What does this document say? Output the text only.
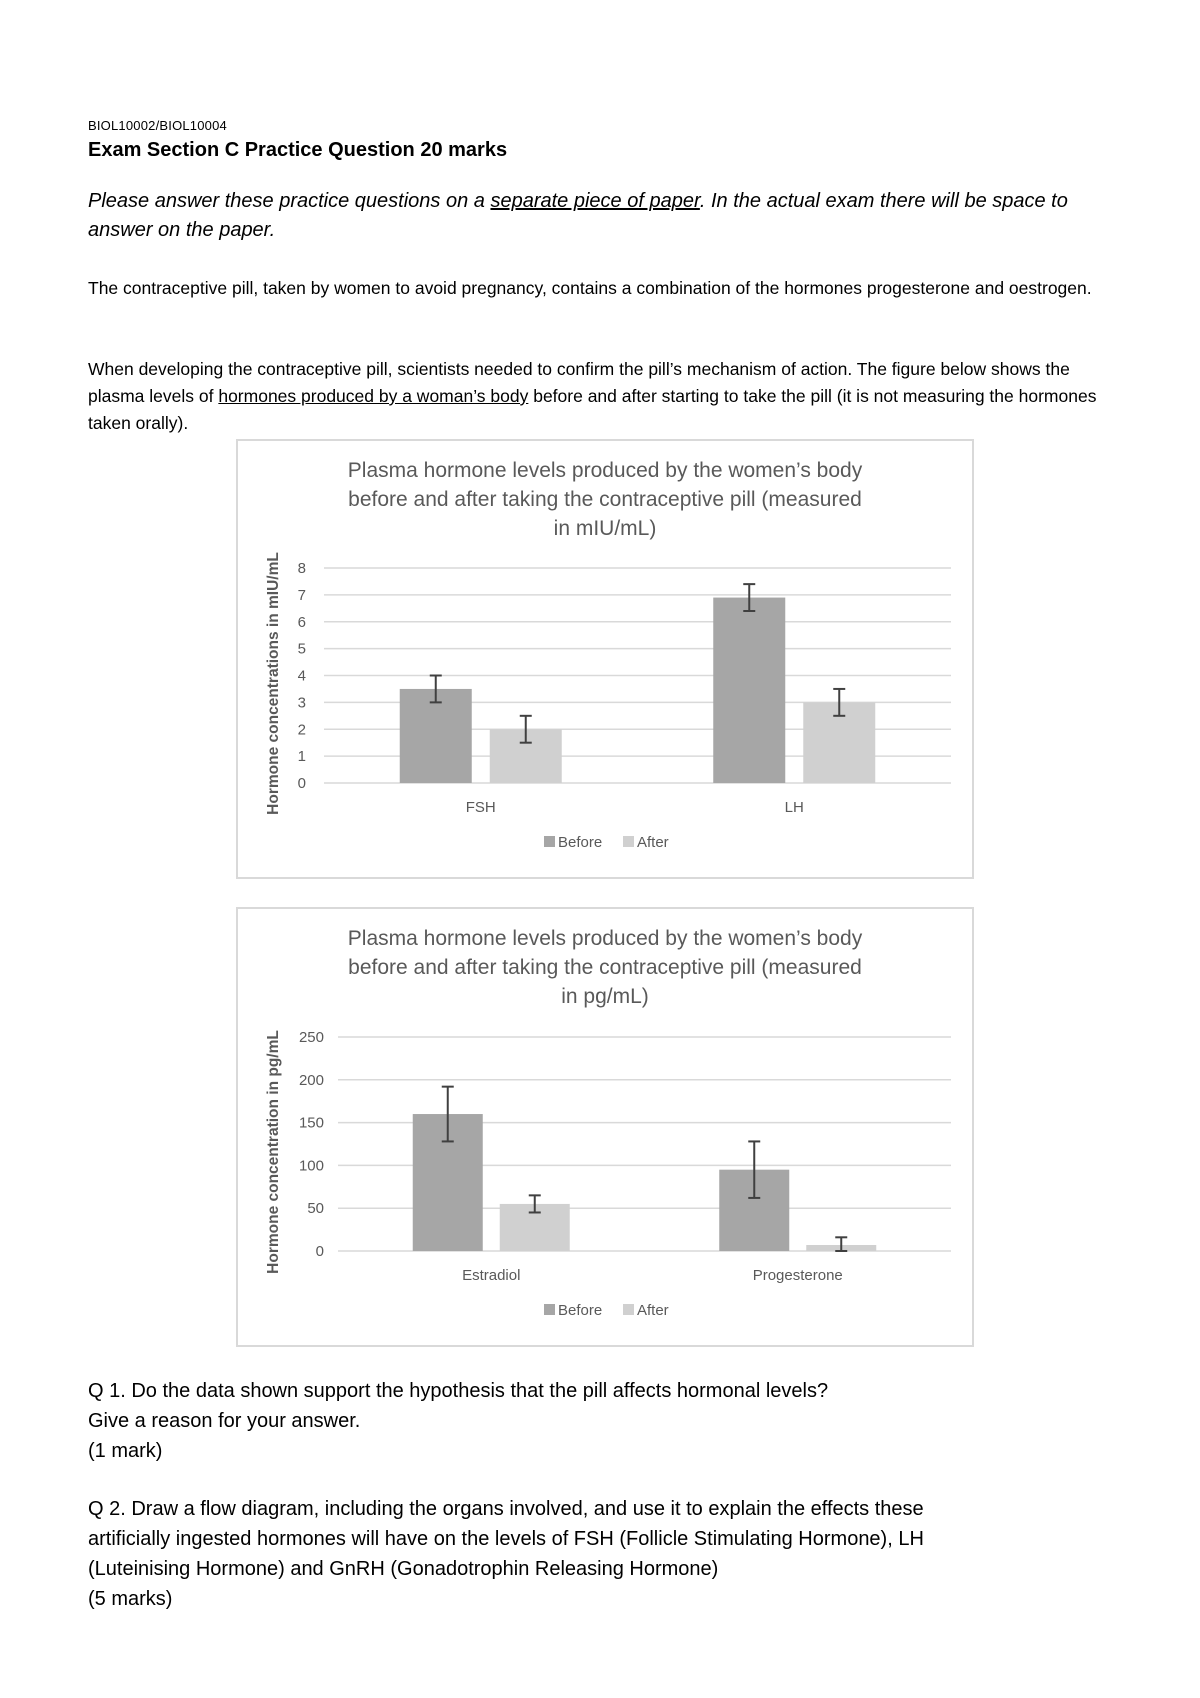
BIOL10002/BIOL10004
Exam Section C Practice Question 20 marks
Please answer these practice questions on a separate piece of paper. In the actual exam there will be space to answer on the paper.
The contraceptive pill, taken by women to avoid pregnancy, contains a combination of the hormones progesterone and oestrogen.
When developing the contraceptive pill, scientists needed to confirm the pill’s mechanism of action. The figure below shows the plasma levels of hormones produced by a woman’s body before and after starting to take the pill (it is not measuring the hormones taken orally).
Plasma hormone levels produced by the women’s body
before and after taking the contraceptive pill (measured
in mIU/mL)
0
1
2
3
4
5
6
7
8
Hormone concentrations in mIU/mL	FSH	LH
Before After
Plasma hormone levels produced by the women’s body
before and after taking the contraceptive pill (measured
in pg/mL)
0
50
100
150
200
250
Hormone concentration in pg/mL
Estradiol	Progesterone
Before After
Q 1. Do the data shown support the hypothesis that the pill affects hormonal levels?
Give a reason for your answer.
(1 mark)
Q 2. Draw a flow diagram, including the organs involved, and use it to explain the effects these
artificially ingested hormones will have on the levels of FSH (Follicle Stimulating Hormone), LH
(Luteinising Hormone) and GnRH (Gonadotrophin Releasing Hormone)
(5 marks)
